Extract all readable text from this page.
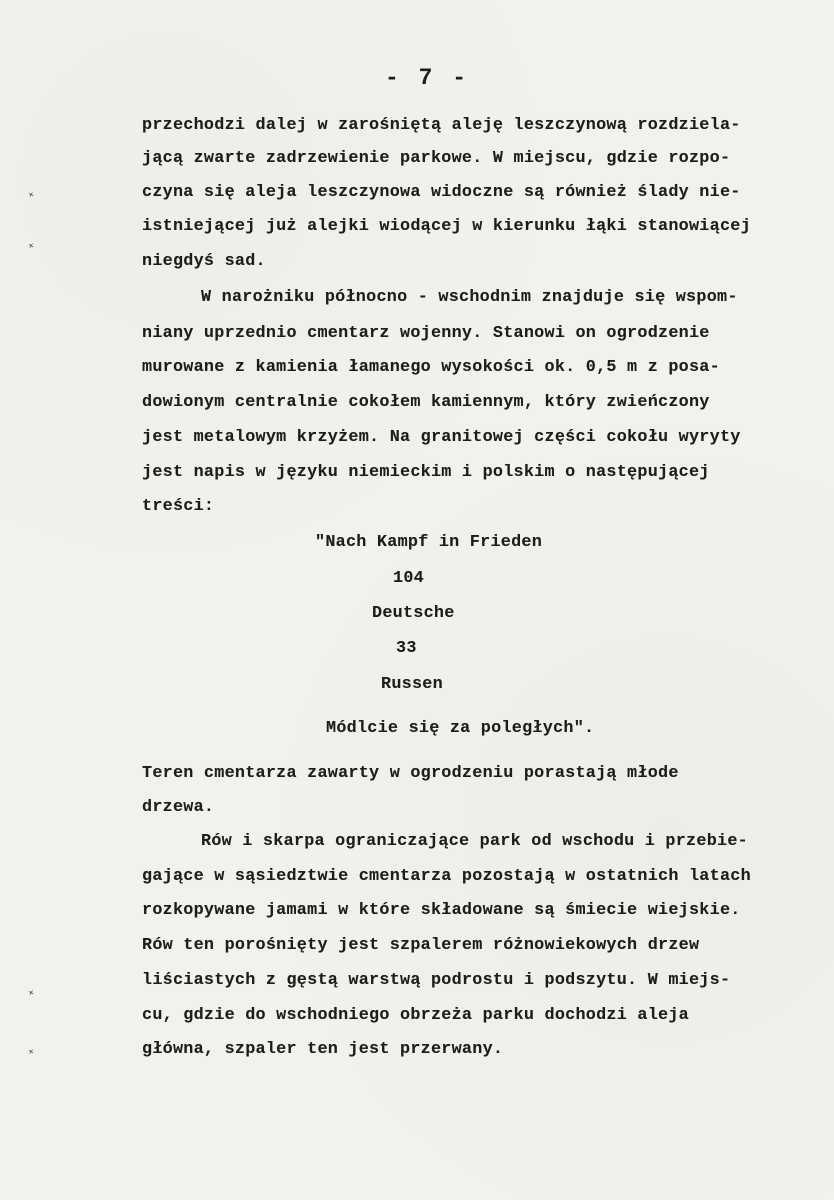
- 7 -
˟
˟
˟
˟
przechodzi dalej w zarośniętą aleję leszczynową rozdziela-
jącą zwarte zadrzewienie parkowe. W miejscu, gdzie rozpo-
czyna się aleja leszczynowa widoczne są również ślady nie-
istniejącej już alejki wiodącej w kierunku łąki stanowiącej
niegdyś sad.
W narożniku północno - wschodnim znajduje się wspom-
niany uprzednio cmentarz wojenny. Stanowi on ogrodzenie
murowane z kamienia łamanego wysokości ok. 0,5 m z posa-
dowionym centralnie cokołem kamiennym, który zwieńczony
jest metalowym krzyżem. Na granitowej części cokołu wyryty
jest napis w języku niemieckim i polskim o następującej
treści:
"Nach Kampf in Frieden
104
Deutsche
33
Russen
Módlcie się za poległych".
Teren cmentarza zawarty w ogrodzeniu porastają młode
drzewa.
Rów i skarpa ograniczające park od wschodu i przebie-
gające w sąsiedztwie cmentarza pozostają w ostatnich latach
rozkopywane jamami w które składowane są śmiecie wiejskie.
Rów ten porośnięty jest szpalerem różnowiekowych drzew
liściastych z gęstą warstwą podrostu i podszytu. W miejs-
cu, gdzie do wschodniego obrzeża parku dochodzi aleja
główna, szpaler ten jest przerwany.
